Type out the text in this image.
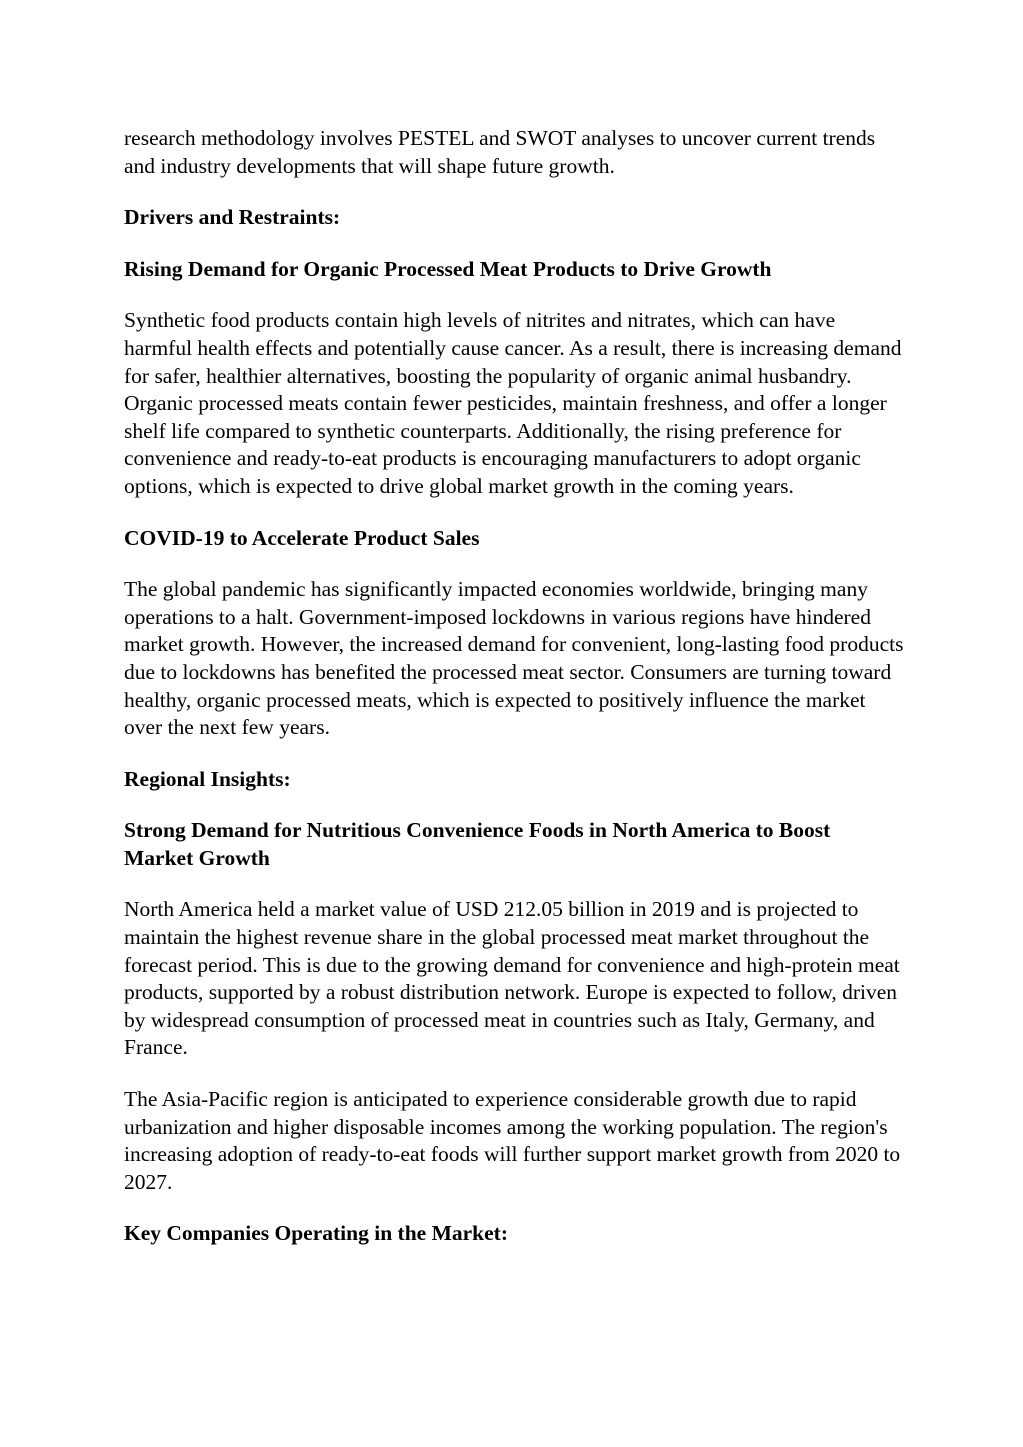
research methodology involves PESTEL and SWOT analyses to uncover current trends and industry developments that will shape future growth.

Drivers and Restraints:

Rising Demand for Organic Processed Meat Products to Drive Growth

Synthetic food products contain high levels of nitrites and nitrates, which can have harmful health effects and potentially cause cancer. As a result, there is increasing demand for safer, healthier alternatives, boosting the popularity of organic animal husbandry. Organic processed meats contain fewer pesticides, maintain freshness, and offer a longer shelf life compared to synthetic counterparts. Additionally, the rising preference for convenience and ready-to-eat products is encouraging manufacturers to adopt organic options, which is expected to drive global market growth in the coming years.

COVID-19 to Accelerate Product Sales

The global pandemic has significantly impacted economies worldwide, bringing many operations to a halt. Government-imposed lockdowns in various regions have hindered market growth. However, the increased demand for convenient, long-lasting food products due to lockdowns has benefited the processed meat sector. Consumers are turning toward healthy, organic processed meats, which is expected to positively influence the market over the next few years.

Regional Insights:

Strong Demand for Nutritious Convenience Foods in North America to Boost Market Growth

North America held a market value of USD 212.05 billion in 2019 and is projected to maintain the highest revenue share in the global processed meat market throughout the forecast period. This is due to the growing demand for convenience and high-protein meat products, supported by a robust distribution network. Europe is expected to follow, driven by widespread consumption of processed meat in countries such as Italy, Germany, and France.

The Asia-Pacific region is anticipated to experience considerable growth due to rapid urbanization and higher disposable incomes among the working population. The region's increasing adoption of ready-to-eat foods will further support market growth from 2020 to 2027.

Key Companies Operating in the Market:
